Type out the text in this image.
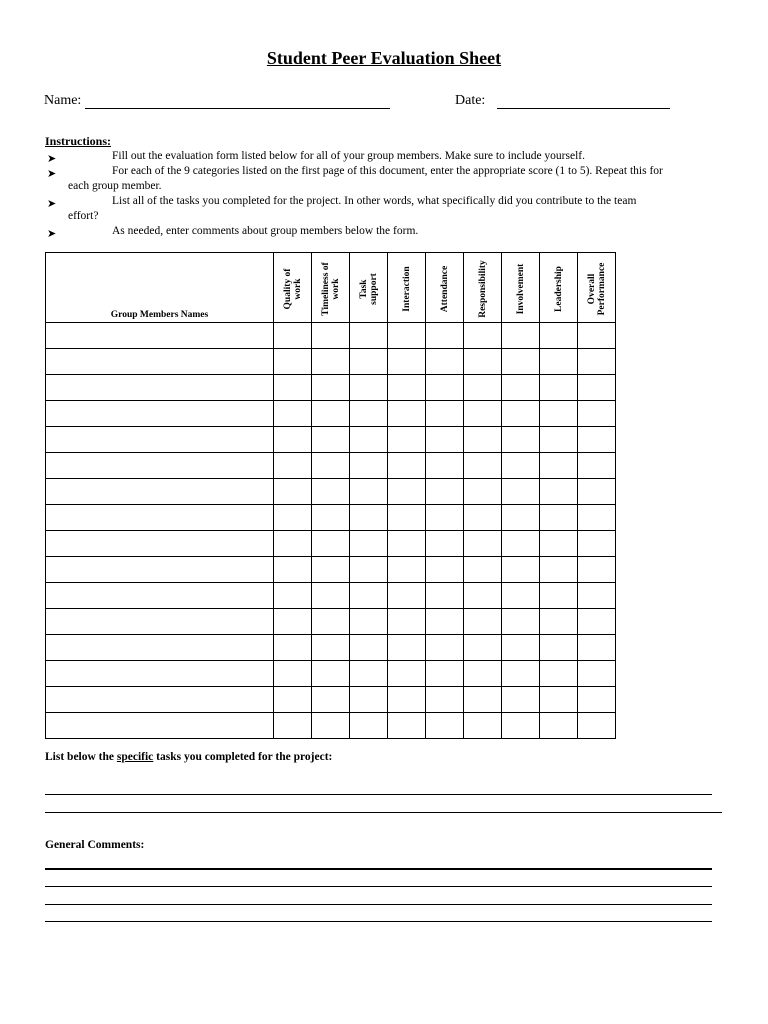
Student Peer Evaluation Sheet
Name:	Date:
Instructions:
➤	Fill out the evaluation form listed below for all of your group members. Make sure to include yourself.
➤	For each of the 9 categories listed on the first page of this document, enter the appropriate score (1 to 5). Repeat this for
each group member.
➤	List all of the tasks you completed for the project. In other words, what specifically did you contribute to the team
effort?
➤	As needed, enter comments about group members below the form.
Group Members Names	Quality of work	Timeliness of work	Task support	Interaction	Attendance	Responsibility	Involvement	Leadership	Overall Performance

List below the specific tasks you completed for the project:
General Comments:
